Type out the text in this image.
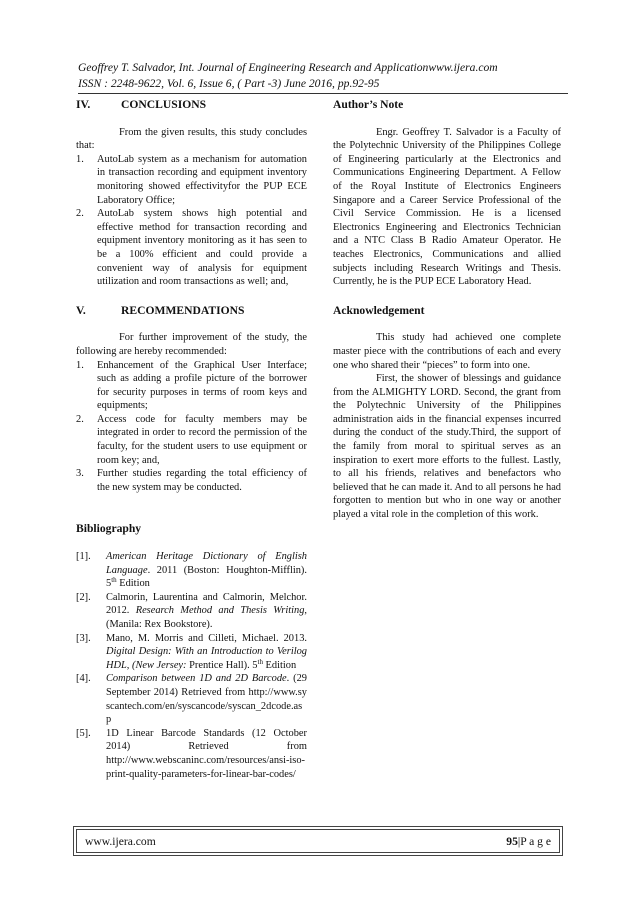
Geoffrey T. Salvador, Int. Journal of Engineering Research and Applicationwww.ijera.com
ISSN : 2248-9622, Vol. 6, Issue 6, ( Part -3) June 2016, pp.92-95
IV.	CONCLUSIONS

From the given results, this study concludes that:

1.	AutoLab system as a mechanism for automation in transaction recording and equipment inventory monitoring showed effectivityfor the PUP ECE Laboratory Office;
2.	AutoLab system shows high potential and effective method for transaction recording and equipment inventory monitoring as it has seen to be a 100% efficient and could provide a convenient way of analysis for equipment utilization and room transactions as well; and,
V.	RECOMMENDATIONS

For further improvement of the study, the following are hereby recommended:

1.	Enhancement of the Graphical User Interface; such as adding a profile picture of the borrower for security purposes in terms of room keys and equipments;
2.	Access code for faculty members may be integrated in order to record the permission of the faculty, for the student users to use equipment or room key; and,
3.	Further studies regarding the total efficiency of the new system may be conducted.
Bibliography
[1].	American Heritage Dictionary of English Language. 2011 (Boston: Houghton-Mifflin). 5th Edition
[2].	Calmorin, Laurentina and Calmorin, Melchor. 2012. Research Method and Thesis Writing, (Manila: Rex Bookstore).
[3].	Mano, M. Morris and Cilleti, Michael. 2013. Digital Design: With an Introduction to Verilog HDL, (New Jersey: Prentice Hall). 5th Edition
[4].	Comparison between 1D and 2D Barcode. (29 September 2014) Retrieved from http://www.syscantech.com/en/syscancode/syscan_2dcode.asp
[5].	1D Linear Barcode Standards (12 October 2014) Retrieved from http://www.webscaninc.com/resources/ansi-iso-print-quality-parameters-for-linear-bar-codes/
Author’s Note

Engr. Geoffrey T. Salvador is a Faculty of the Polytechnic University of the Philippines College of Engineering particularly at the Electronics and Communications Engineering Department. A Fellow of the Royal Institute of Electronics Engineers Singapore and a Career Service Professional of the Civil Service Commission. He is a licensed Electronics Engineering and Electronics Technician and a NTC Class B Radio Amateur Operator. He teaches Electronics, Communications and allied subjects including Research Writings and Thesis. Currently, he is the PUP ECE Laboratory Head.

Acknowledgement

This study had achieved one complete master piece with the contributions of each and every one who shared their “pieces” to form into one.

First, the shower of blessings and guidance from the ALMIGHTY LORD. Second, the grant from the Polytechnic University of the Philippines administration aids in the financial expenses incurred during the conduct of the study.Third, the support of the family from moral to spiritual serves as an inspiration to exert more efforts to the fullest. Lastly, to all his friends, relatives and benefactors who believed that he can made it. And to all persons he had forgotten to mention but who in one way or another played a vital role in the completion of this work.

www.ijera.com	95|P a g e
